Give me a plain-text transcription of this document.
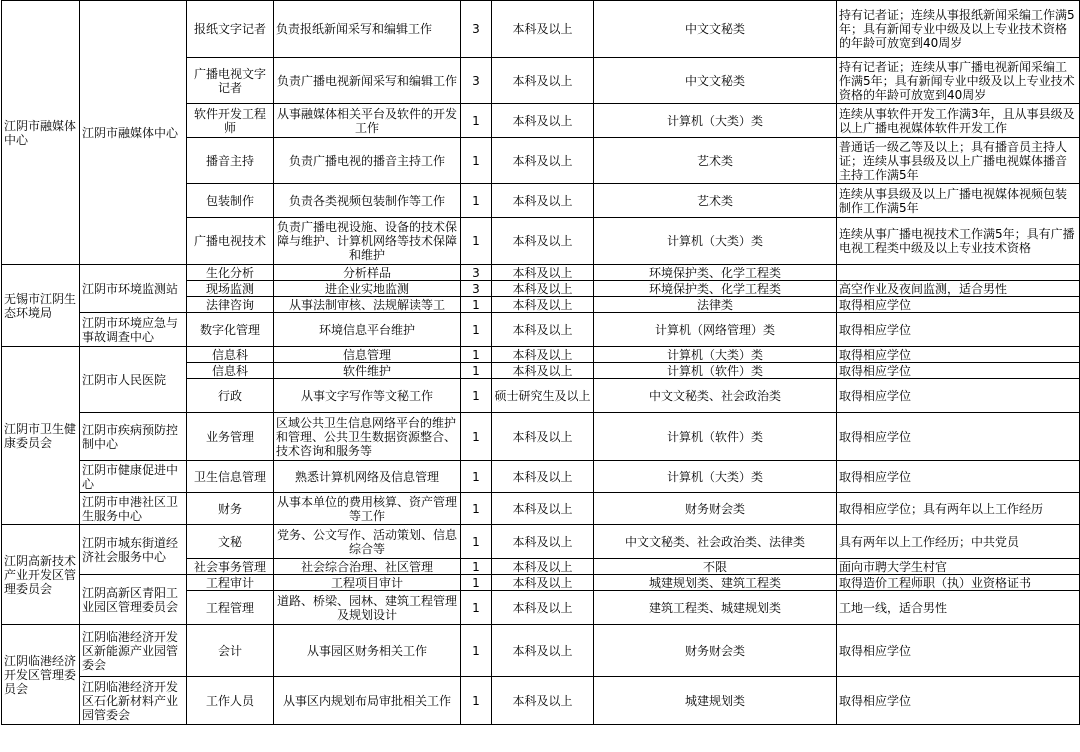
江阴市融媒体中心	江阴市融媒体中心	报纸文字记者	负责报纸新闻采写和编辑工作	3	本科及以上	中文文秘类	持有记者证；连续从事报纸新闻采编工作满5年；具有新闻专业中级及以上专业技术资格的年龄可放宽到40周岁
		广播电视文字记者	负责广播电视新闻采写和编辑工作	3	本科及以上	中文文秘类	持有记者证；连续从事广播电视新闻采编工作满5年；具有新闻专业中级及以上专业技术资格的年龄可放宽到40周岁
		软件开发工程师	从事融媒体相关平台及软件的开发工作	1	本科及以上	计算机（大类）类	连续从事软件开发工作满3年，且从事县级及以上广播电视媒体软件开发工作
		播音主持	负责广播电视的播音主持工作	1	本科及以上	艺术类	普通话一级乙等及以上；具有播音员主持人证；连续从事县级及以上广播电视媒体播音主持工作满5年
		包装制作	负责各类视频包装制作等工作	1	本科及以上	艺术类	连续从事县级及以上广播电视媒体视频包装制作工作满5年
		广播电视技术	负责广播电视设施、设备的技术保障与维护、计算机网络等技术保障和维护	1	本科及以上	计算机（大类）类	连续从事广播电视技术工作满5年；具有广播电视工程类中级及以上专业技术资格
无锡市江阴生态环境局	江阴市环境监测站	生化分析	分析样品	3	本科及以上	环境保护类、化学工程类	
		现场监测	进企业实地监测	3	本科及以上	环境保护类、化学工程类	高空作业及夜间监测，适合男性
		法律咨询	从事法制审核、法规解读等工	1	本科及以上	法律类	取得相应学位
	江阴市环境应急与事故调查中心	数字化管理	环境信息平台维护	1	本科及以上	计算机（网络管理）类	取得相应学位
江阴市卫生健康委员会	江阴市人民医院	信息科	信息管理	1	本科及以上	计算机（大类）类	取得相应学位
		信息科	软件维护	1	本科及以上	计算机（软件）类	取得相应学位
		行政	从事文字写作等文秘工作	1	硕士研究生及以上	中文文秘类、社会政治类	取得相应学位
	江阴市疾病预防控制中心	业务管理	区域公共卫生信息网络平台的维护和管理、公共卫生数据资源整合、技术咨询和服务等	1	本科及以上	计算机（软件）类	取得相应学位
	江阴市健康促进中心	卫生信息管理	熟悉计算机网络及信息管理	1	本科及以上	计算机（大类）类	取得相应学位
	江阴市申港社区卫生服务中心	财务	从事本单位的费用核算、资产管理等工作	1	本科及以上	财务财会类	取得相应学位；具有两年以上工作经历
江阴高新技术产业开发区管理委员会	江阴市城东街道经济社会服务中心	文秘	党务、公文写作、活动策划、信息综合等	1	本科及以上	中文文秘类、社会政治类、法律类	具有两年以上工作经历；中共党员
		社会事务管理	社会综合治理、社区管理	1	本科及以上	不限	面向市聘大学生村官
	江阴高新区青阳工业园区管理委员会	工程审计	工程项目审计	1	本科及以上	城建规划类、建筑工程类	取得造价工程师职（执）业资格证书
		工程管理	道路、桥梁、园林、建筑工程管理及规划设计	1	本科及以上	建筑工程类、城建规划类	工地一线，适合男性
江阴临港经济开发区管理委员会	江阴临港经济开发区新能源产业园管委会	会计	从事园区财务相关工作	1	本科及以上	财务财会类	取得相应学位
	江阴临港经济开发区石化新材料产业园管委会	工作人员	从事区内规划布局审批相关工作	1	本科及以上	城建规划类	取得相应学位
